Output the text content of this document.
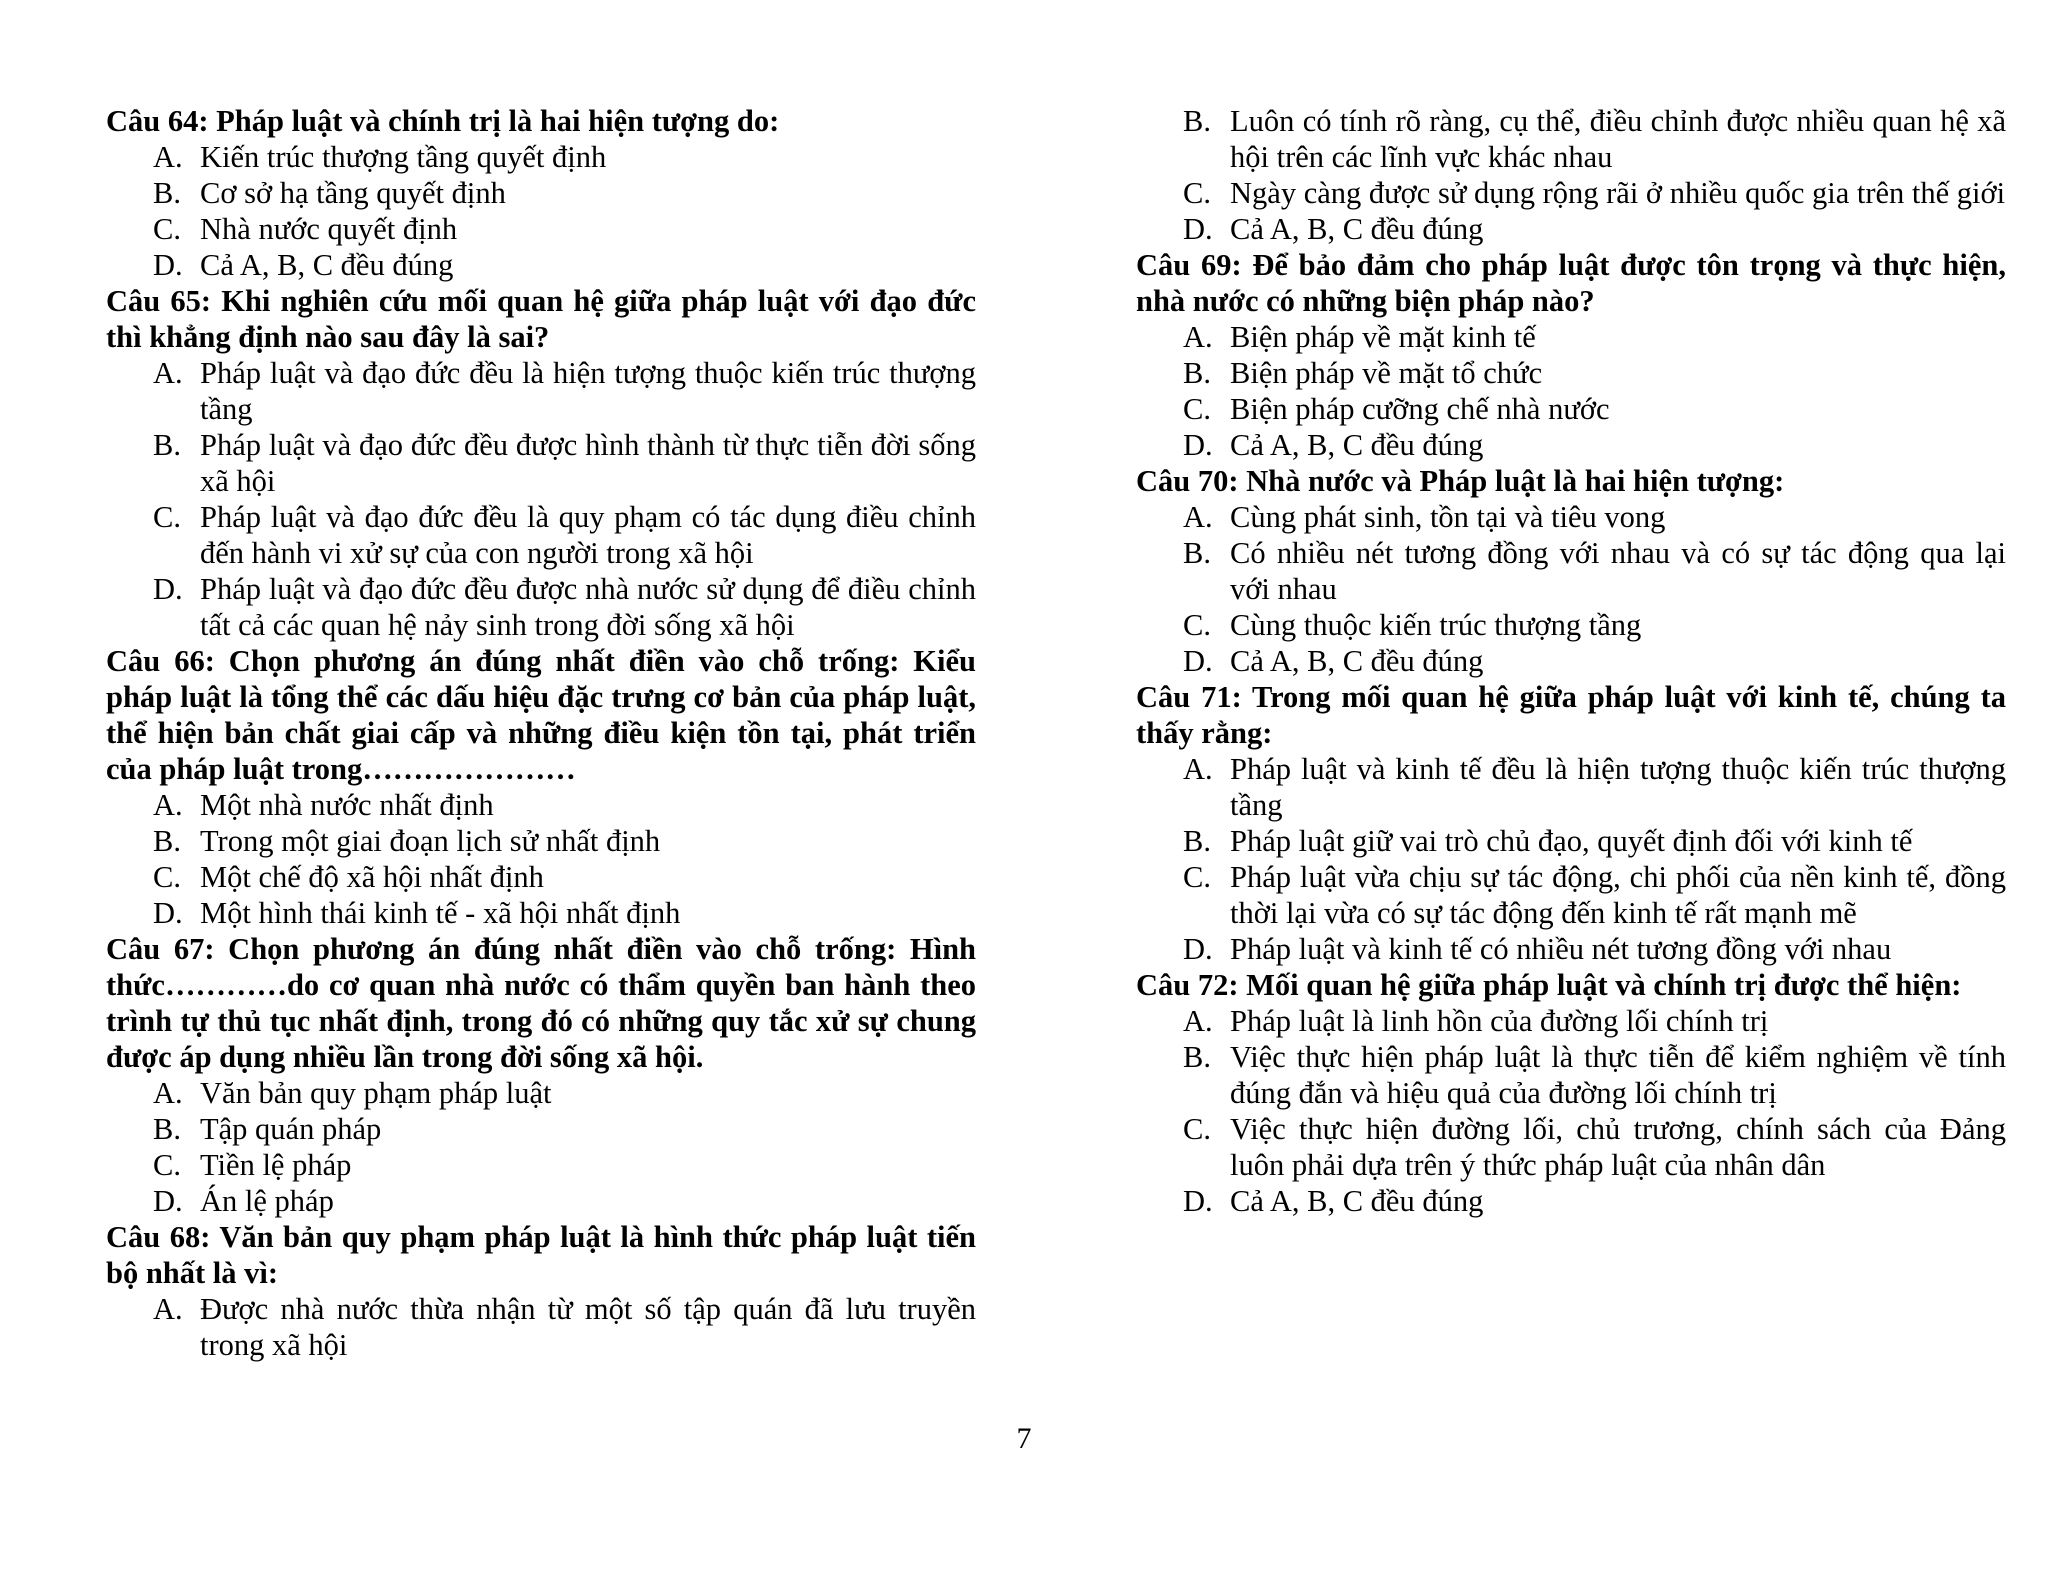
Câu 64: Pháp luật và chính trị là hai hiện tượng do:
A. Kiến trúc thượng tầng quyết định
B. Cơ sở hạ tầng quyết định
C. Nhà nước quyết định
D. Cả A, B, C đều đúng
Câu 65: Khi nghiên cứu mối quan hệ giữa pháp luật với đạo đức thì khẳng định nào sau đây là sai?
A. Pháp luật và đạo đức đều là hiện tượng thuộc kiến trúc thượng tầng
B. Pháp luật và đạo đức đều được hình thành từ thực tiễn đời sống xã hội
C. Pháp luật và đạo đức đều là quy phạm có tác dụng điều chỉnh đến hành vi xử sự của con người trong xã hội
D. Pháp luật và đạo đức đều được nhà nước sử dụng để điều chỉnh tất cả các quan hệ nảy sinh trong đời sống xã hội
Câu 66: Chọn phương án đúng nhất điền vào chỗ trống: Kiểu pháp luật là tổng thể các dấu hiệu đặc trưng cơ bản của pháp luật, thể hiện bản chất giai cấp và những điều kiện tồn tại, phát triển của pháp luật trong…………………
A. Một nhà nước nhất định
B. Trong một giai đoạn lịch sử nhất định
C. Một chế độ xã hội nhất định
D. Một hình thái kinh tế - xã hội nhất định
Câu 67: Chọn phương án đúng nhất điền vào chỗ trống: Hình thức…………do cơ quan nhà nước có thẩm quyền ban hành theo trình tự thủ tục nhất định, trong đó có những quy tắc xử sự chung được áp dụng nhiều lần trong đời sống xã hội.
A. Văn bản quy phạm pháp luật
B. Tập quán pháp
C. Tiền lệ pháp
D. Án lệ pháp
Câu 68: Văn bản quy phạm pháp luật là hình thức pháp luật tiến bộ nhất là vì:
A. Được nhà nước thừa nhận từ một số tập quán đã lưu truyền trong xã hội
B. Luôn có tính rõ ràng, cụ thể, điều chỉnh được nhiều quan hệ xã hội trên các lĩnh vực khác nhau
C. Ngày càng được sử dụng rộng rãi ở nhiều quốc gia trên thế giới
D. Cả A, B, C đều đúng
Câu 69: Để bảo đảm cho pháp luật được tôn trọng và thực hiện, nhà nước có những biện pháp nào?
A. Biện pháp về mặt kinh tế
B. Biện pháp về mặt tổ chức
C. Biện pháp cưỡng chế nhà nước
D. Cả A, B, C đều đúng
Câu 70: Nhà nước và Pháp luật là hai hiện tượng:
A. Cùng phát sinh, tồn tại và tiêu vong
B. Có nhiều nét tương đồng với nhau và có sự tác động qua lại với nhau
C. Cùng thuộc kiến trúc thượng tầng
D. Cả A, B, C đều đúng
Câu 71: Trong mối quan hệ giữa pháp luật với kinh tế, chúng ta thấy rằng:
A. Pháp luật và kinh tế đều là hiện tượng thuộc kiến trúc thượng tầng
B. Pháp luật giữ vai trò chủ đạo, quyết định đối với kinh tế
C. Pháp luật vừa chịu sự tác động, chi phối của nền kinh tế, đồng thời lại vừa có sự tác động đến kinh tế rất mạnh mẽ
D. Pháp luật và kinh tế có nhiều nét tương đồng với nhau
Câu 72: Mối quan hệ giữa pháp luật và chính trị được thể hiện:
A. Pháp luật là linh hồn của đường lối chính trị
B. Việc thực hiện pháp luật là thực tiễn để kiểm nghiệm về tính đúng đắn và hiệu quả của đường lối chính trị
C. Việc thực hiện đường lối, chủ trương, chính sách của Đảng luôn phải dựa trên ý thức pháp luật của nhân dân
D. Cả A, B, C đều đúng
7
